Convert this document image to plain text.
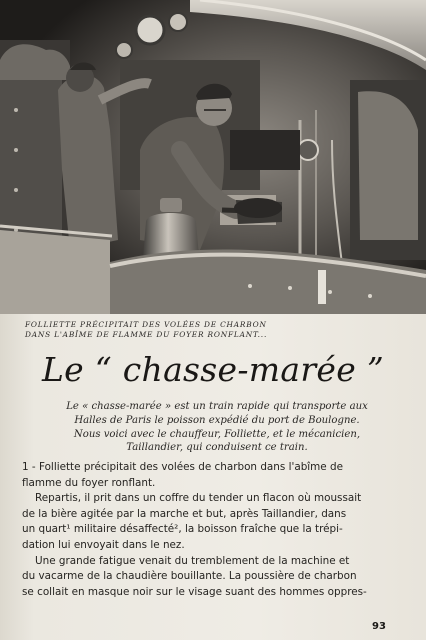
FOLLIETTE PRÉCIPITAIT DES VOLÉES DE CHARBON
DANS L'ABÎME DE FLAMME DU FOYER RONFLANT...
Le “ chasse-marée ”
Le « chasse-marée » est un train rapide qui transporte aux
Halles de Paris le poisson expédié du port de Boulogne.
Nous voici avec le chauffeur, Folliette, et le mécanicien,
Taillandier, qui conduisent ce train.
1 - Folliette précipitait des volées de charbon dans l'abîme de
flamme du foyer ronflant.
Repartis, il prit dans un coffre du tender un flacon où moussait
de la bière agitée par la marche et but, après Taillandier, dans
un quart¹ militaire désaffecté², la boisson fraîche que la trépi-
dation lui envoyait dans le nez.
Une grande fatigue venait du tremblement de la machine et
du vacarme de la chaudière bouillante. La poussière de charbon
se collait en masque noir sur le visage suant des hommes oppres-
93
